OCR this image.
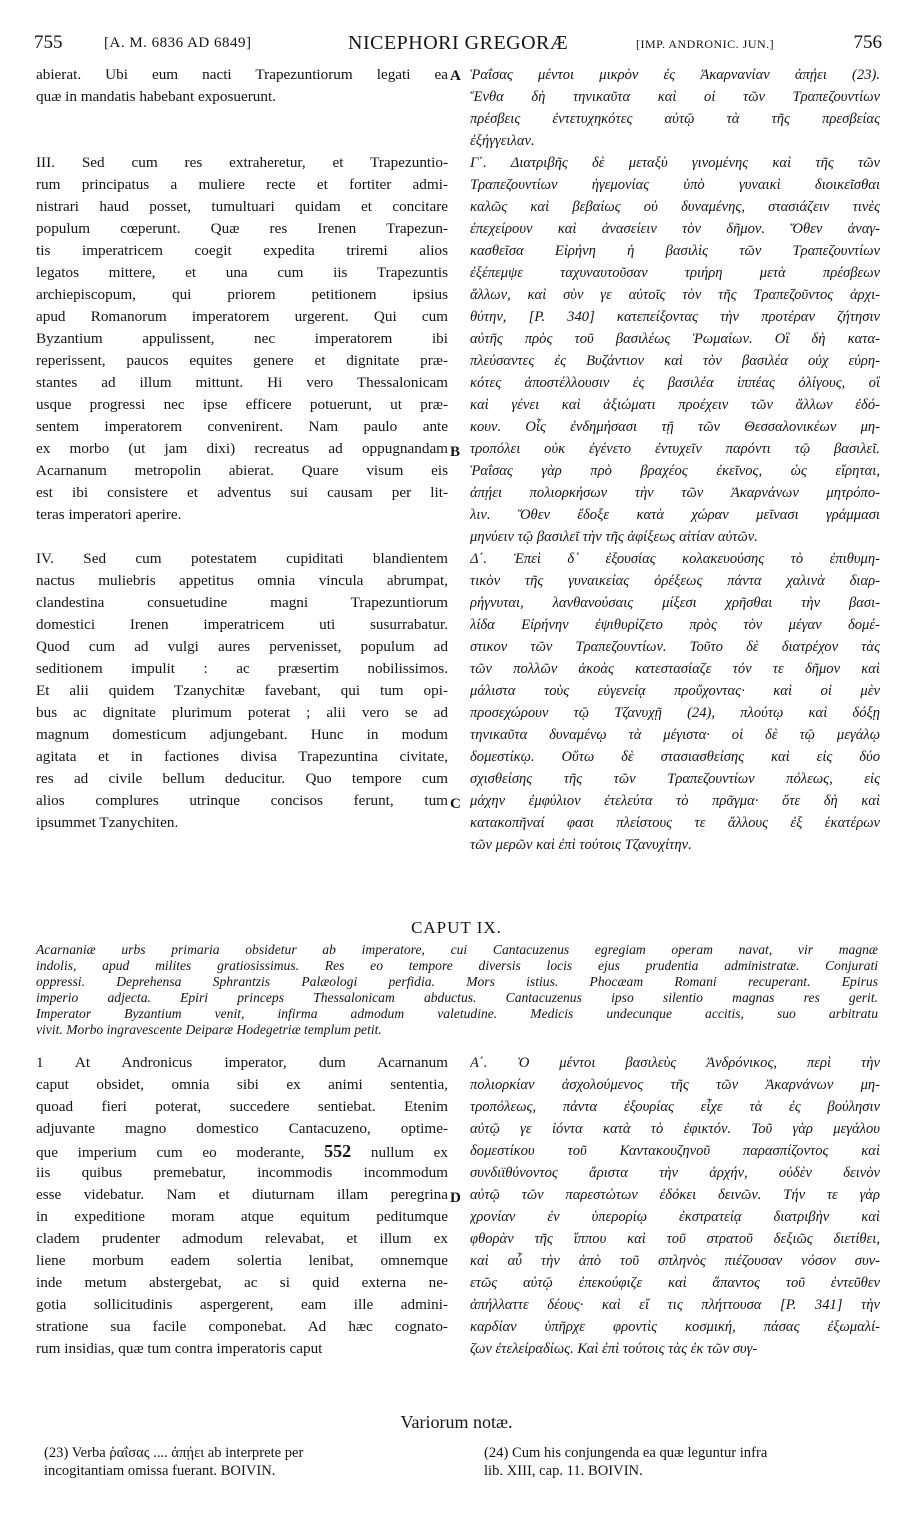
755	[A. M. 6836 AD 6849]	NICEPHORI GREGORÆ	[IMP. ANDRONIC. JUN.]	756

abierat. Ubi eum nacti Trapezuntiorum legati ea

quæ in mandatis habebant exposuerunt.

III. Sed cum res extraheretur, et Trapezuntio-

rum principatus a muliere recte et fortiter admi-

nistrari haud posset, tumultuari quidam et concitare

populum cœperunt. Quæ res Irenen Trapezun-

tis imperatricem coegit expedita triremi alios

legatos mittere, et una cum iis Trapezuntis

archiepiscopum, qui priorem petitionem ipsius

apud Romanorum imperatorem urgerent. Qui cum

Byzantium appulissent, nec imperatorem ibi

reperissent, paucos equites genere et dignitate præ-

stantes ad illum mittunt. Hi vero Thessalonicam

usque progressi nec ipse efficere potuerunt, ut præ-

sentem imperatorem convenirent. Nam paulo ante

ex morbo (ut jam dixi) recreatus ad oppugnandam

Acarnanum metropolin abierat. Quare visum eis

est ibi consistere et adventus sui causam per lit-

teras imperatori aperire.

IV. Sed cum potestatem cupiditati blandientem

nactus muliebris appetitus omnia vincula abrumpat,

clandestina consuetudine magni Trapezuntiorum

domestici Irenen imperatricem uti susurrabatur.

Quod cum ad vulgi aures pervenisset, populum ad

seditionem impulit : ac præsertim nobilissimos.

Et alii quidem Tzanychitæ favebant, qui tum opi-

bus ac dignitate plurimum poterat ; alii vero se ad

magnum domesticum adjungebant. Hunc in modum

agitata et in factiones divisa Trapezuntina civitate,

res ad civile bellum deducitur. Quo tempore cum

alios complures utrinque concisos ferunt, tum

ipsummet Tzanychiten.

Ῥαΐσας μέντοι μικρὸν ἐς Ἀκαρνανίαν ἀπῄει (23).

Ἔνθα δὴ τηνικαῦτα καὶ οἱ τῶν Τραπεζουντίων

πρέσβεις ἐντετυχηκότες αὐτῷ τὰ τῆς πρεσβείας

ἐξήγγειλαν.

Γ΄. Διατριβῆς δὲ μεταξὺ γινομένης καὶ τῆς τῶν

Τραπεζουντίων ἡγεμονίας ὑπὸ γυναικὶ διοικεῖσθαι

καλῶς καὶ βεβαίως οὐ δυναμένης, στασιάζειν τινὲς

ἐπεχείρουν καὶ ἀνασείειν τὸν δῆμον. Ὅθεν ἀναγ-

κασθεῖσα Εἰρήνη ἡ βασιλὶς τῶν Τραπεζουντίων

ἐξέπεμψε ταχυναυτοῦσαν τριήρη μετὰ πρέσβεων

ἄλλων, καὶ σὺν γε αὐτοῖς τὸν τῆς Τραπεζοῦντος ἀρχι-

θύτην, [P. 340] κατεπείξοντας τὴν προτέραν ζήτησιν

αὐτῆς πρὸς τοῦ βασιλέως Ῥωμαίων. Οἳ δὴ κατα-

πλεύσαντες ἐς Βυζάντιον καὶ τὸν βασιλέα οὐχ εὑρη-

κότες ἀποστέλλουσιν ἐς βασιλέα ἱππέας ὀλίγους, οἳ

καὶ γένει καὶ ἀξιώματι προέχειν τῶν ἄλλων ἐδό-

κουν. Οἷς ἐνδημήσασι τῇ τῶν Θεσσαλονικέων μη-

τροπόλει οὐκ ἐγένετο ἐντυχεῖν παρόντι τῷ βασιλεῖ.

Ῥαΐσας γὰρ πρὸ βραχέος ἐκεῖνος, ὡς εἴρηται,

ἀπῄει πολιορκήσων τὴν τῶν Ἀκαρνάνων μητρόπο-

λιν. Ὅθεν ἔδοξε κατὰ χώραν μεῖνασι γράμμασι

μηνύειν τῷ βασιλεῖ τὴν τῆς ἀφίξεως αἰτίαν αὐτῶν.

Δ΄. Ἐπεὶ δ᾽ ἐξουσίας κολακευούσης τὸ ἐπιθυμη-

τικὸν τῆς γυναικείας ὀρέξεως πάντα χαλινὰ διαρ-

ρήγνυται, λανθανούσαις μίξεσι χρῆσθαι τὴν βασι-

λίδα Εἰρήνην ἐψιθυρίζετο πρὸς τὸν μέγαν δομέ-

στικον τῶν Τραπεζουντίων. Τοῦτο δὲ διατρέχον τὰς

τῶν πολλῶν ἀκοὰς κατεστασίαζε τόν τε δῆμον καὶ

μάλιστα τοὺς εὐγενείᾳ προὔχοντας· καὶ οἱ μὲν

προσεχώρουν τῷ Τζανυχῇ (24), πλούτῳ καὶ δόξῃ

τηνικαῦτα δυναμένῳ τὰ μέγιστα· οἱ δὲ τῷ μεγάλῳ

δομεστίκῳ. Οὕτω δὲ στασιασθείσης καὶ εἰς δύο

σχισθείσης τῆς τῶν Τραπεζουντίων πόλεως, εἰς

μάχην ἐμφύλιον ἐτελεύτα τὸ πρᾶγμα· ὅτε δὴ καὶ

κατακοπῆναί φασι πλείστους τε ἄλλους ἐξ ἑκατέρων

τῶν μερῶν καὶ ἐπὶ τούτοις Τζανυχίτην.

A
B
C
D
CAPUT IX.

Acarnaniæ urbs primaria obsidetur ab imperatore, cui Cantacuzenus egregiam operam navat, vir magnæ

indolis, apud milites gratiosissimus. Res eo tempore diversis locis ejus prudentia administratæ. Conjurati

oppressi. Deprehensa Sphrantzis Palæologi perfidia. Mors istius. Phocæam Romani recuperant. Epirus

imperio adjecta. Epiri princeps Thessalonicam abductus. Cantacuzenus ipso silentio magnas res gerit.

Imperator Byzantium venit, infirma admodum valetudine. Medicis undecunque accitis, suo arbitratu

vivit. Morbo ingravescente Deiparæ Hodegetriæ templum petit.

1 At Andronicus imperator, dum Acarnanum

caput obsidet, omnia sibi ex animi sententia,

quoad fieri poterat, succedere sentiebat. Etenim

adjuvante magno domestico Cantacuzeno, optime-

que imperium cum eo moderante, 552 nullum ex

iis quibus premebatur, incommodis incommodum

esse videbatur. Nam et diuturnam illam peregrina

in expeditione moram atque equitum peditumque

cladem prudenter admodum relevabat, et illum ex

liene morbum eadem solertia lenibat, omnemque

inde metum abstergebat, ac si quid externa ne-

gotia sollicitudinis aspergerent, eam ille admini-

stratione sua facile componebat. Ad hæc cognato-

rum insidias, quæ tum contra imperatoris caput

Α΄. Ὁ μέντοι βασιλεὺς Ἀνδρόνικος, περὶ τὴν

πολιορκίαν ἀσχολούμενος τῆς τῶν Ἀκαρνάνων μη-

τροπόλεως, πάντα ἐξουρίας εἶχε τὰ ἐς βούλησιν

αὐτῷ γε ἰόντα κατὰ τὸ ἐφικτόν. Τοῦ γὰρ μεγάλου

δομεστίκου τοῦ Καντακουζηνοῦ παρασπίζοντος καὶ

συνδιϊθύνοντος ἄριστα τὴν ἀρχήν, οὐδὲν δεινὸν

αὐτῷ τῶν παρεστώτων ἐδόκει δεινῶν. Τήν τε γὰρ

χρονίαν ἐν ὑπερορίῳ ἐκστρατείᾳ διατριβὴν καὶ

φθορὰν τῆς ἵππου καὶ τοῦ στρατοῦ δεξιῶς διετίθει,

καὶ αὖ τὴν ἀπὸ τοῦ σπληνὸς πιέζουσαν νόσον συν-

ετῶς αὐτῷ ἐπεκούφιζε καὶ ἅπαντος τοῦ ἐντεῦθεν

ἀπήλλαττε δέους· καὶ εἴ τις πλήττουσα [P. 341] τὴν

καρδίαν ὑπῆρχε φροντὶς κοσμική, πάσας ἐξωμαλί-

ζων ἐτελείραδίως. Καὶ ἐπὶ τούτοις τὰς ἐκ τῶν συγ-

Variorum notæ.

(23) Verba ῥαΐσας .... ἀπῄει ab interprete per

incogitantiam omissa fuerant. BOIVIN.

(24) Cum his conjungenda ea quæ leguntur infra

lib. XIII, cap. 11. BOIVIN.
